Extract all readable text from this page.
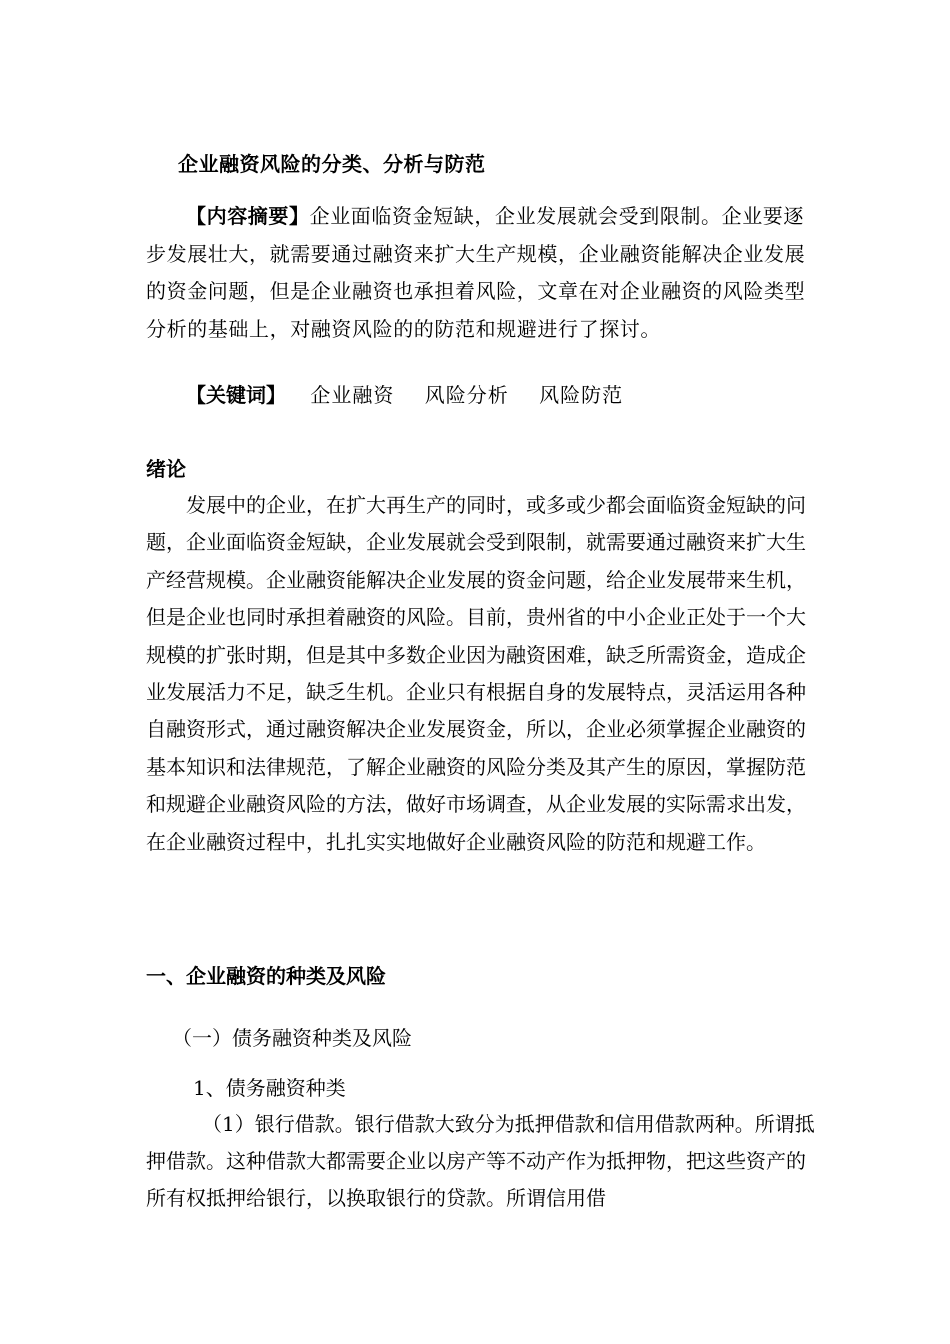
企业融资风险的分类、分析与防范
【内容摘要】企业面临资金短缺，企业发展就会受到限制。企业要逐步发展壮大，就需要通过融资来扩大生产规模，企业融资能解决企业发展的资金问题，但是企业融资也承担着风险，文章在对企业融资的风险类型分析的基础上，对融资风险的的防范和规避进行了探讨。
【关键词】 企业融资 风险分析 风险防范
绪论
发展中的企业，在扩大再生产的同时，或多或少都会面临资金短缺的问题，企业面临资金短缺，企业发展就会受到限制，就需要通过融资来扩大生产经营规模。企业融资能解决企业发展的资金问题，给企业发展带来生机，但是企业也同时承担着融资的风险。目前，贵州省的中小企业正处于一个大规模的扩张时期，但是其中多数企业因为融资困难，缺乏所需资金，造成企业发展活力不足，缺乏生机。企业只有根据自身的发展特点，灵活运用各种自融资形式，通过融资解决企业发展资金，所以，企业必须掌握企业融资的基本知识和法律规范，了解企业融资的风险分类及其产生的原因，掌握防范和规避企业融资风险的方法，做好市场调查，从企业发展的实际需求出发，在企业融资过程中，扎扎实实地做好企业融资风险的防范和规避工作。
一、企业融资的种类及风险
（一）债务融资种类及风险
1、债务融资种类
（1）银行借款。银行借款大致分为抵押借款和信用借款两种。所谓抵押借款。这种借款大都需要企业以房产等不动产作为抵押物，把这些资产的所有权抵押给银行，以换取银行的贷款。所谓信用借
